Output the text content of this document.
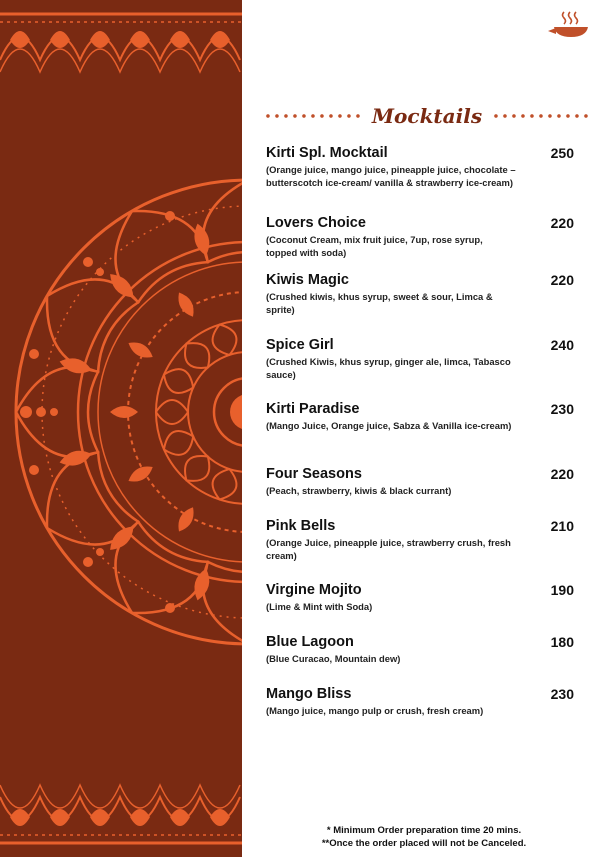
Mocktails
Kirti Spl. Mocktail	250
(Orange juice, mango juice, pineapple juice, chocolate – butterscotch ice-cream/ vanilla & strawberry ice-cream)
Lovers Choice	220
(Coconut Cream, mix fruit juice, 7up, rose syrup, topped with soda)
Kiwis Magic	220
(Crushed kiwis, khus syrup, sweet & sour, Limca & sprite)
Spice Girl	240
(Crushed Kiwis, khus syrup, ginger ale, limca, Tabasco sauce)
Kirti Paradise	230
(Mango Juice, Orange juice, Sabza & Vanilla ice-cream)
Four Seasons	220
(Peach, strawberry, kiwis & black currant)
Pink Bells	210
(Orange Juice, pineapple juice, strawberry crush, fresh cream)
Virgine Mojito	190
(Lime & Mint with Soda)
Blue Lagoon	180
(Blue Curacao, Mountain dew)
Mango Bliss	230
(Mango juice, mango pulp or crush, fresh cream)
* Minimum Order preparation time 20 mins.
**Once the order placed will not be Canceled.
